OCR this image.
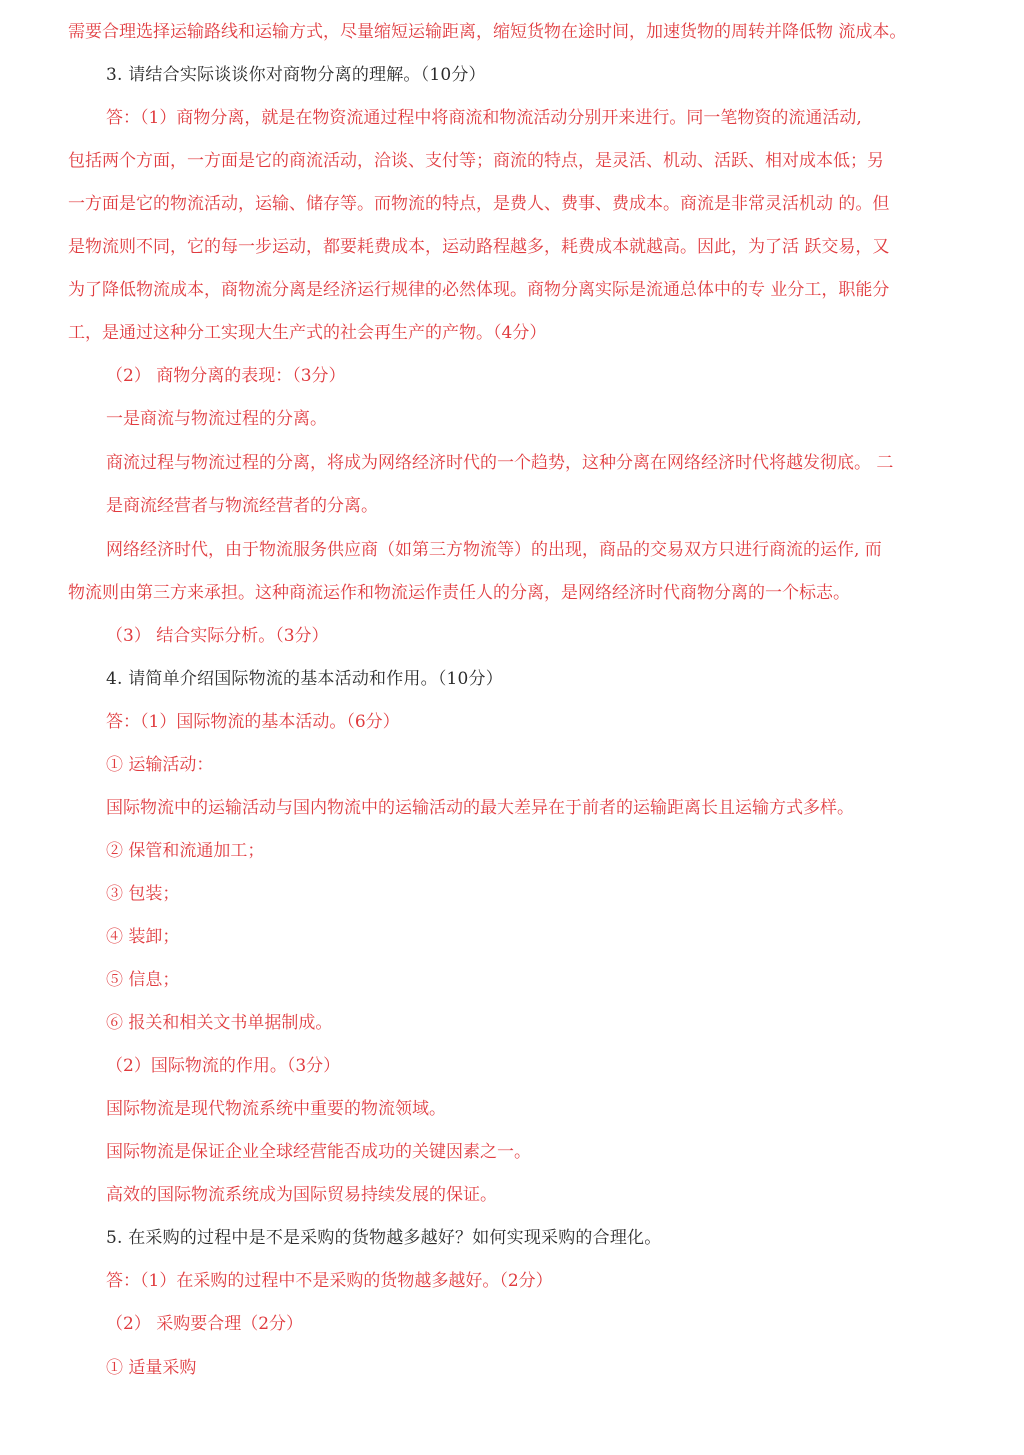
需要合理选择运输路线和运输方式，尽量缩短运输距离，缩短货物在途时间，加速货物的周转并降低物 流成本。
3. 请结合实际谈谈你对商物分离的理解。（10分）
答：（1）商物分离，就是在物资流通过程中将商流和物流活动分别开来进行。同一笔物资的流通活动,
包括两个方面，一方面是它的商流活动，洽谈、支付等；商流的特点，是灵活、机动、活跃、相对成本低；另
一方面是它的物流活动，运输、储存等。而物流的特点，是费人、费事、费成本。商流是非常灵活机动 的。但
是物流则不同，它的每一步运动，都要耗费成本，运动路程越多，耗费成本就越高。因此，为了活 跃交易，又
为了降低物流成本，商物流分离是经济运行规律的必然体现。商物分离实际是流通总体中的专 业分工，职能分
工，是通过这种分工实现大生产式的社会再生产的产物。（4分）
（2） 商物分离的表现：（3分）
一是商流与物流过程的分离。
商流过程与物流过程的分离，将成为网络经济时代的一个趋势，这种分离在网络经济时代将越发彻底。 二
是商流经营者与物流经营者的分离。
网络经济时代，由于物流服务供应商（如第三方物流等）的出现，商品的交易双方只进行商流的运作, 而
物流则由第三方来承担。这种商流运作和物流运作责任人的分离，是网络经济时代商物分离的一个标志。
（3） 结合实际分析。（3分）
4. 请简单介绍国际物流的基本活动和作用。（10分）
答：（1）国际物流的基本活动。（6分）
① 运输活动：
国际物流中的运输活动与国内物流中的运输活动的最大差异在于前者的运输距离长且运输方式多样。
② 保管和流通加工；
③ 包装；
④ 装卸；
⑤ 信息；
⑥ 报关和相关文书单据制成。
（2）国际物流的作用。（3分）
国际物流是现代物流系统中重要的物流领域。
国际物流是保证企业全球经营能否成功的关键因素之一。
高效的国际物流系统成为国际贸易持续发展的保证。
5. 在采购的过程中是不是采购的货物越多越好？如何实现采购的合理化。
答：（1）在采购的过程中不是采购的货物越多越好。（2分）
（2） 采购要合理（2分）
① 适量采购
